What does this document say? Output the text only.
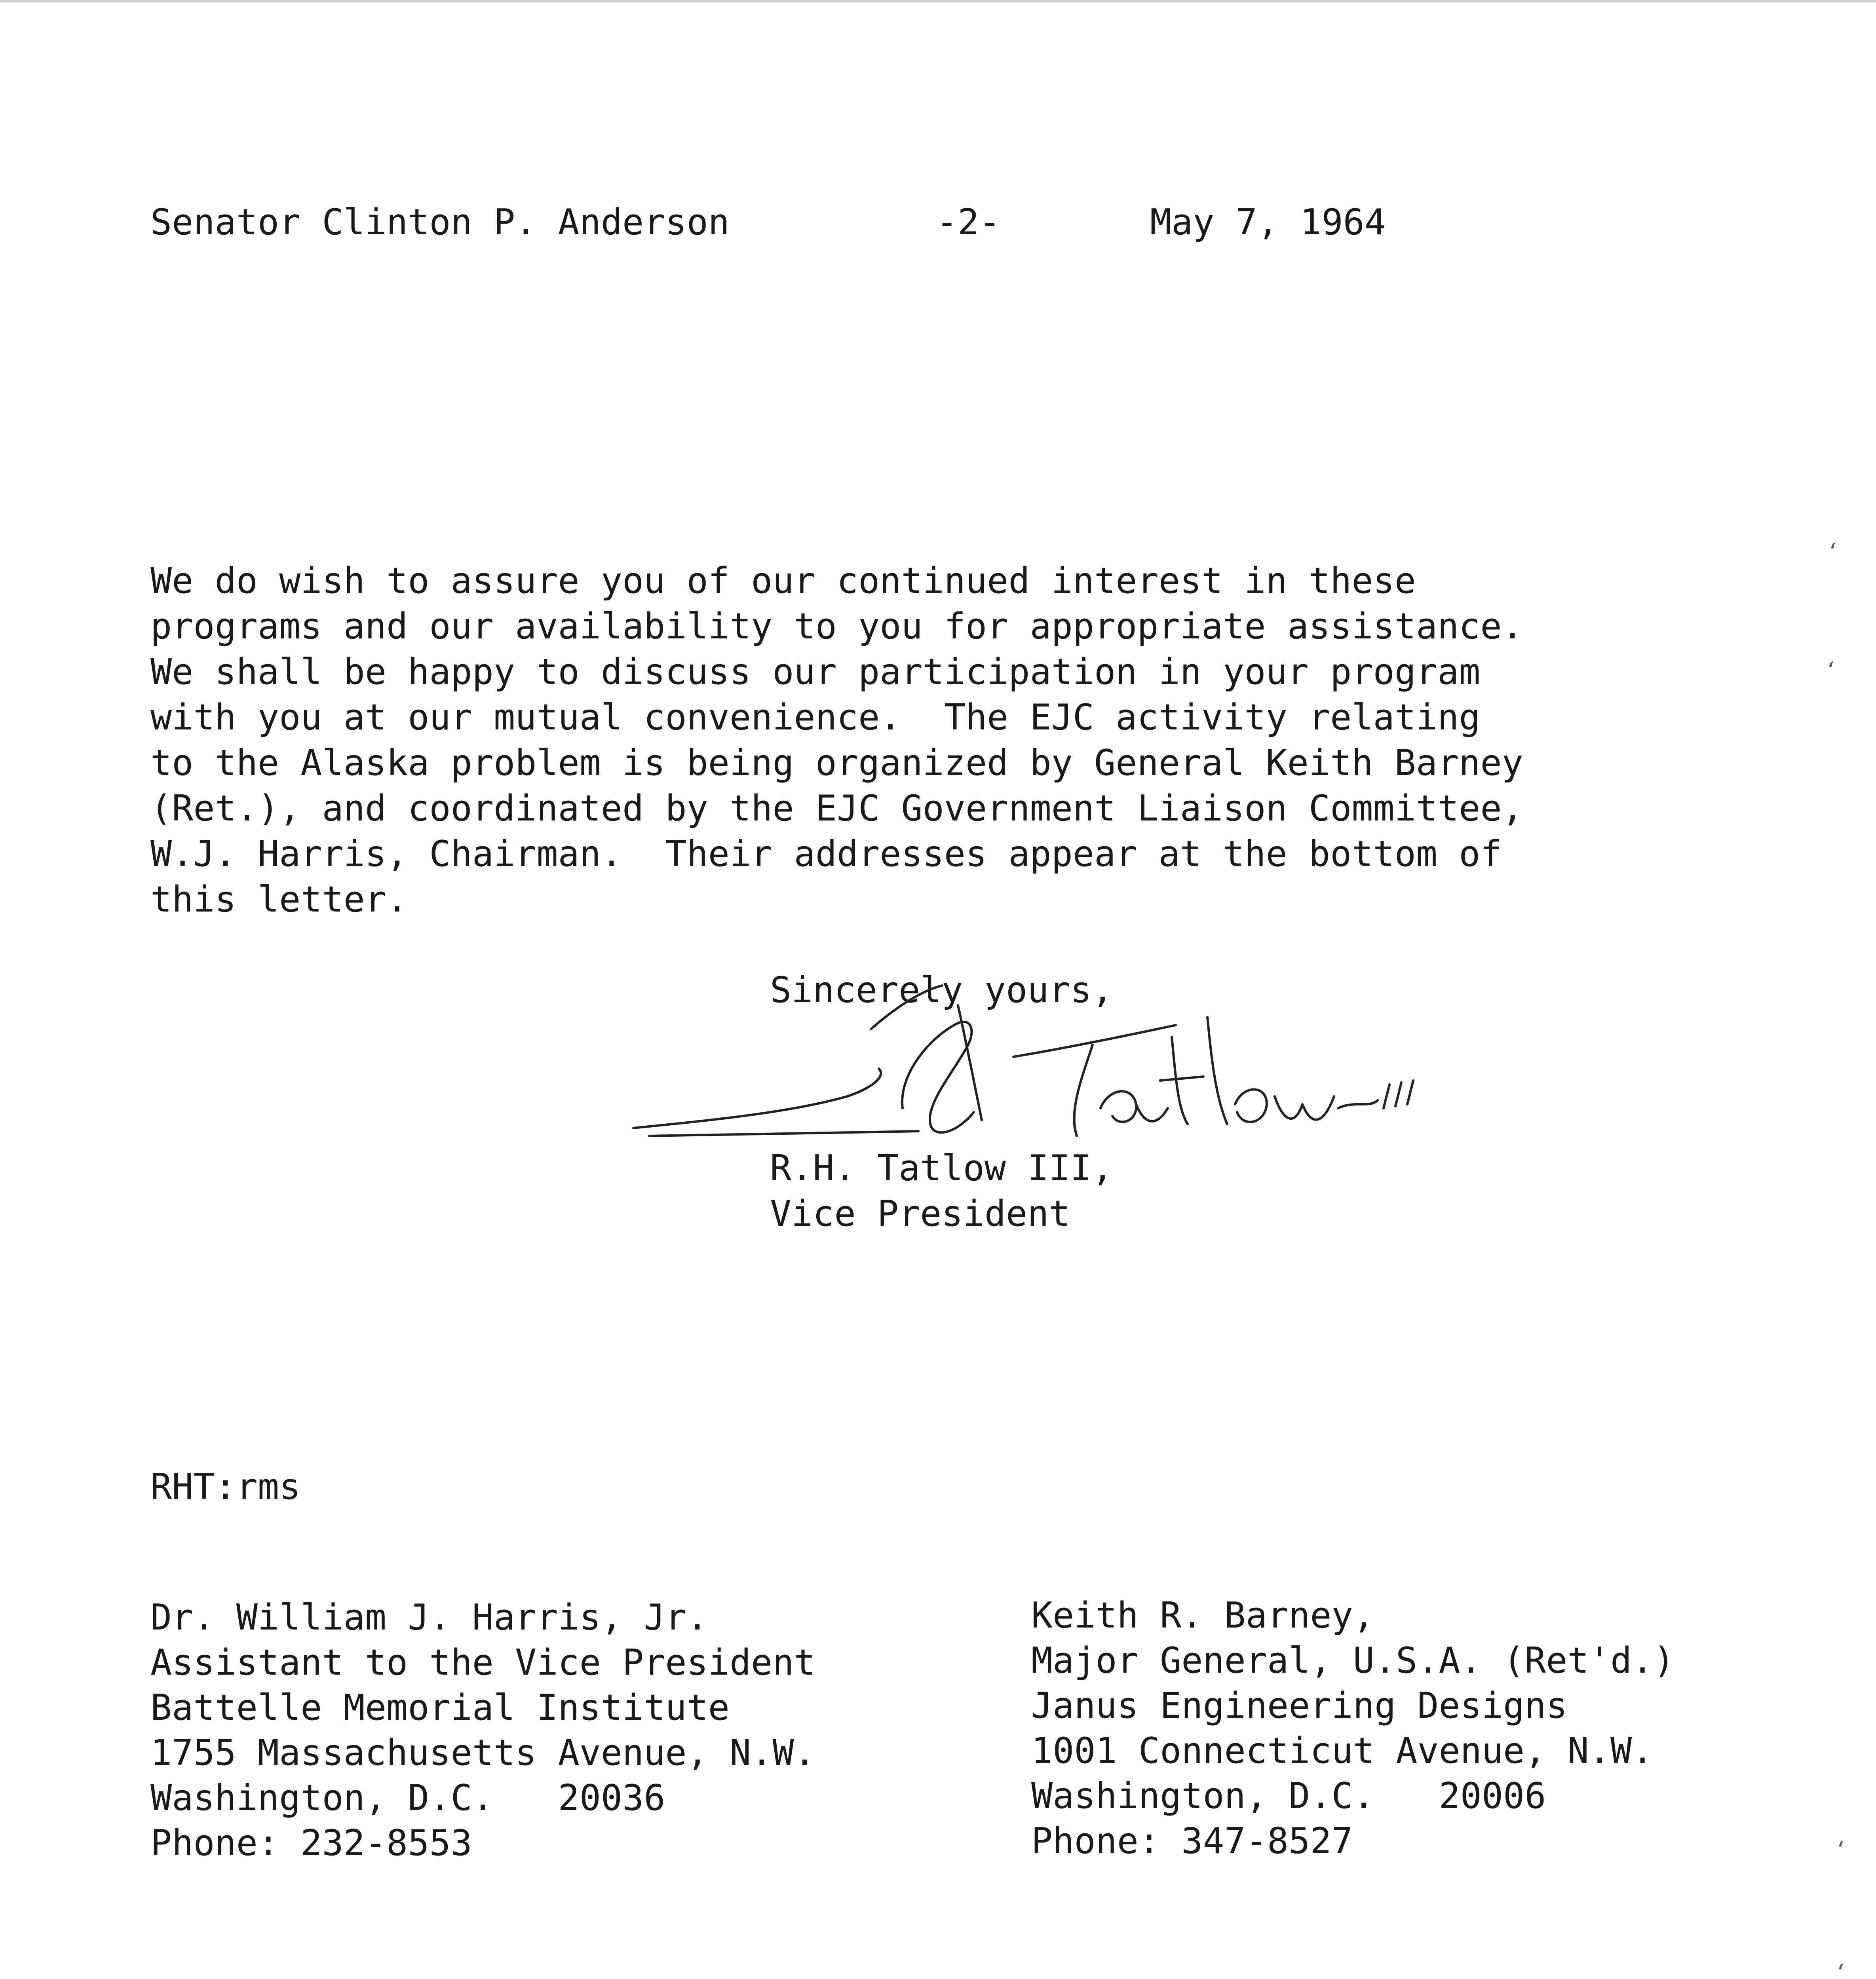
Senator Clinton P. Anderson	-2-	May 7, 1964
We do wish to assure you of our continued interest in these
programs and our availability to you for appropriate assistance.
We shall be happy to discuss our participation in your program
with you at our mutual convenience.  The EJC activity relating
to the Alaska problem is being organized by General Keith Barney
(Ret.), and coordinated by the EJC Government Liaison Committee,
W.J. Harris, Chairman.  Their addresses appear at the bottom of
this letter.
Sincerely yours,
R.H. Tatlow III,
Vice President
RHT:rms
Dr. William J. Harris, Jr.
Assistant to the Vice President
Battelle Memorial Institute
1755 Massachusetts Avenue, N.W.
Washington, D.C.   20036
Phone: 232-8553
Keith R. Barney,
Major General, U.S.A. (Ret'd.)
Janus Engineering Designs
1001 Connecticut Avenue, N.W.
Washington, D.C.   20006
Phone: 347-8527
‘
‘
‘
‘
